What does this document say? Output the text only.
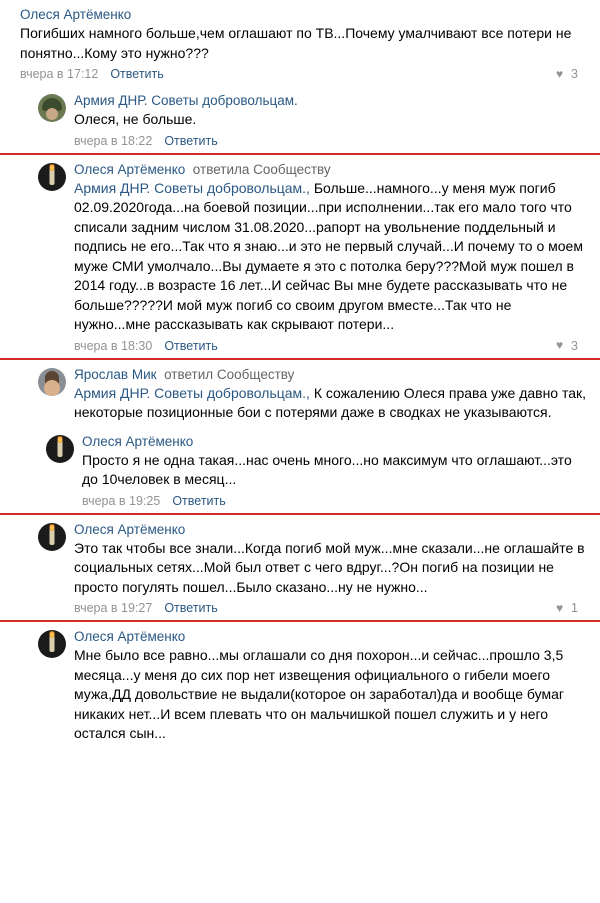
Олеся Артёменко
Погибших намного больше,чем оглашают по ТВ...Почему умалчивают все потери не понятно...Кому это нужно???
вчера в 17:12 Ответить	♥ 3
Армия ДНР. Советы добровольцам.
Олеся, не больше.
вчера в 18:22 Ответить
Олеся Артёменко ответила Сообществу
Армия ДНР. Советы добровольцам., Больше...намного...у меня муж погиб 02.09.2020года...на боевой позиции...при исполнении...так его мало того что списали задним числом 31.08.2020...рапорт на увольнение поддельный и подпись не его...Так что я знаю...и это не первый случай...И почему то о моем муже СМИ умолчало...Вы думаете я это с потолка беру???Мой муж пошел в 2014 году...в возрасте 16 лет...И сейчас Вы мне будете рассказывать что не больше?????И мой муж погиб со своим другом вместе...Так что не нужно...мне рассказывать как скрывают потери...
вчера в 18:30 Ответить	♥ 3
Ярослав Мик ответил Сообществу
Армия ДНР. Советы добровольцам., К сожалению Олеся права уже давно так, некоторые позиционные бои с потерями даже в сводках не указываются.
Олеся Артёменко
Просто я не одна такая...нас очень много...но максимум что оглашают...это до 10человек в месяц...
вчера в 19:25 Ответить
Олеся Артёменко
Это так чтобы все знали...Когда погиб мой муж...мне сказали...не оглашайте в социальных сетях...Мой был ответ с чего вдруг...?Он погиб на позиции не просто погулять пошел...Было сказано...ну не нужно...
вчера в 19:27 Ответить	♥ 1
Олеся Артёменко
Мне было все равно...мы оглашали со дня похорон...и сейчас...прошло 3,5 месяца...у меня до сих пор нет извещения официального о гибели моего мужа,ДД довольствие не выдали(которое он заработал)да и вообще бумаг никаких нет...И всем плевать что он мальчишкой пошел служить и у него остался сын...
